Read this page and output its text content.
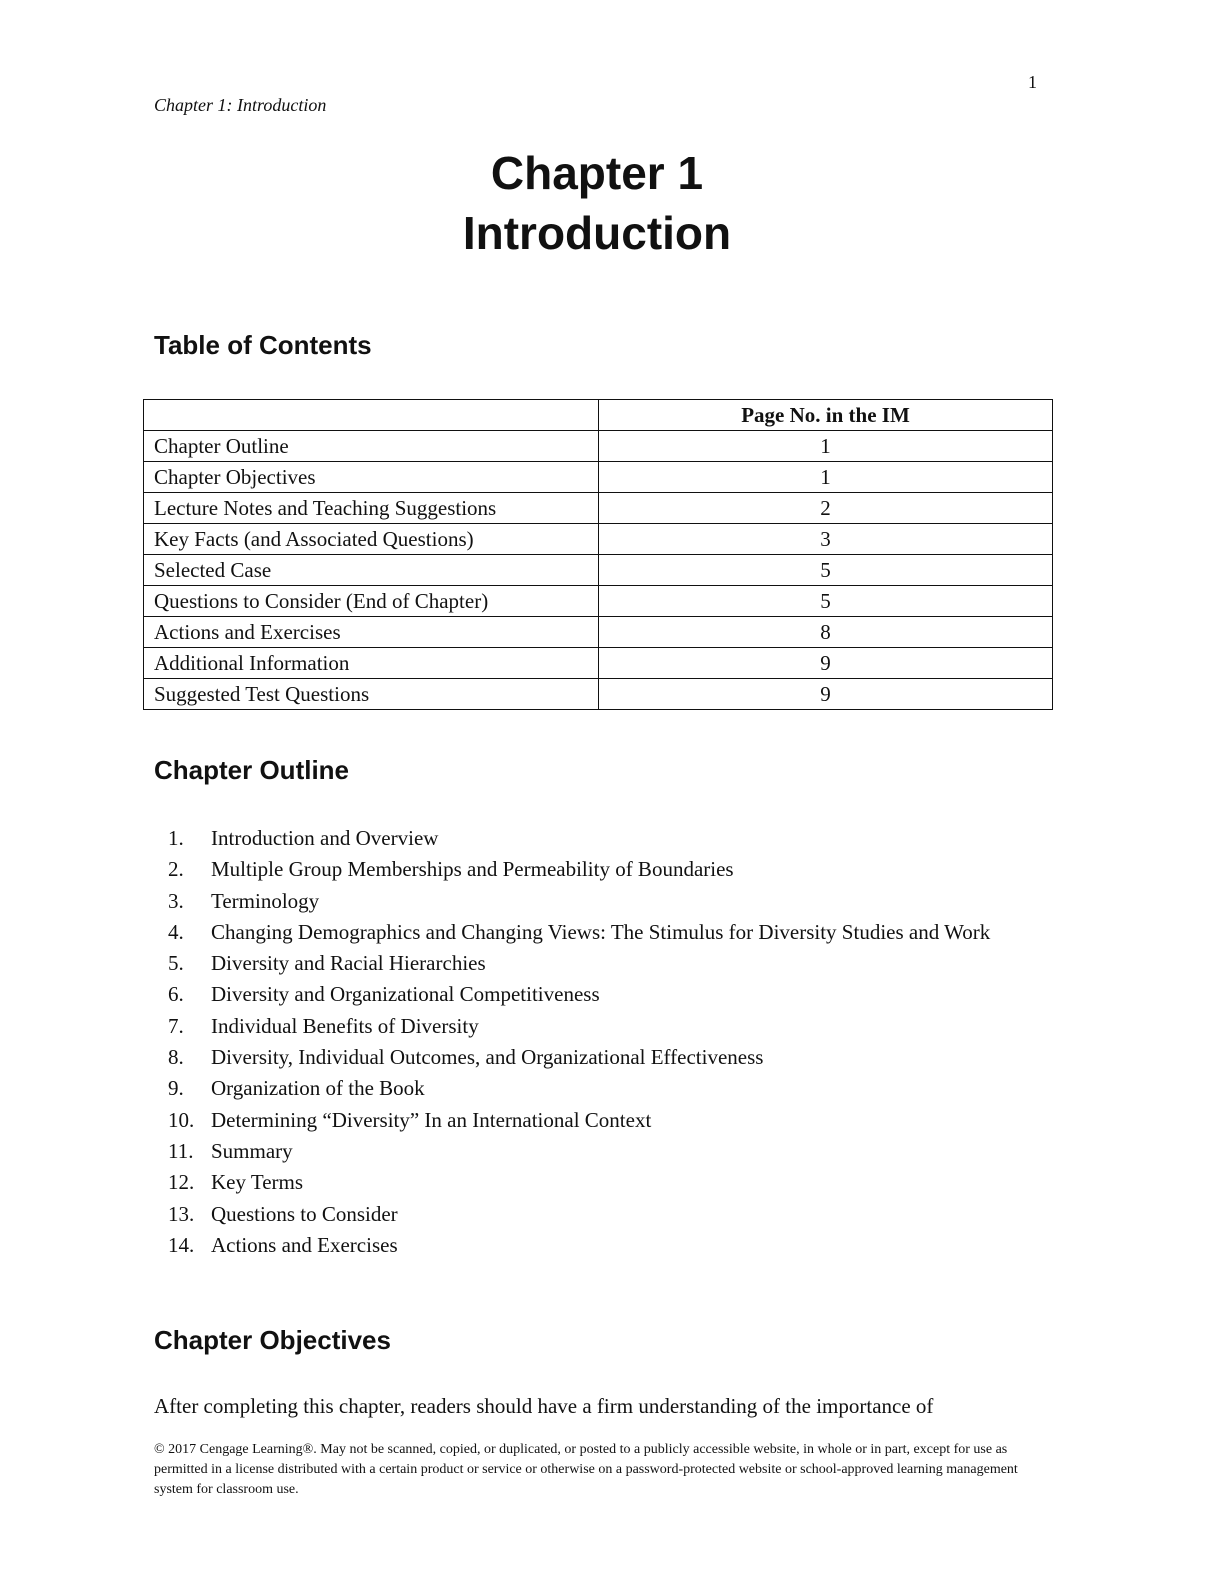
1
Chapter 1: Introduction
Chapter 1
Introduction
Table of Contents
	Page No. in the IM
Chapter Outline	1
Chapter Objectives	1
Lecture Notes and Teaching Suggestions	2
Key Facts (and Associated Questions)	3
Selected Case	5
Questions to Consider (End of Chapter)	5
Actions and Exercises	8
Additional Information	9
Suggested Test Questions	9
Chapter Outline
1.	Introduction and Overview
2.	Multiple Group Memberships and Permeability of Boundaries
3.	Terminology
4.	Changing Demographics and Changing Views: The Stimulus for Diversity Studies and Work
5.	Diversity and Racial Hierarchies
6.	Diversity and Organizational Competitiveness
7.	Individual Benefits of Diversity
8.	Diversity, Individual Outcomes, and Organizational Effectiveness
9.	Organization of the Book
10. Determining “Diversity” In an International Context
11. Summary
12. Key Terms
13. Questions to Consider
14. Actions and Exercises
Chapter Objectives

After completing this chapter, readers should have a firm understanding of the importance of

© 2017 Cengage Learning®. May not be scanned, copied, or duplicated, or posted to a publicly accessible website, in whole or in part, except for use as permitted in a license distributed with a certain product or service or otherwise on a password-protected website or school-approved learning management system for classroom use.
